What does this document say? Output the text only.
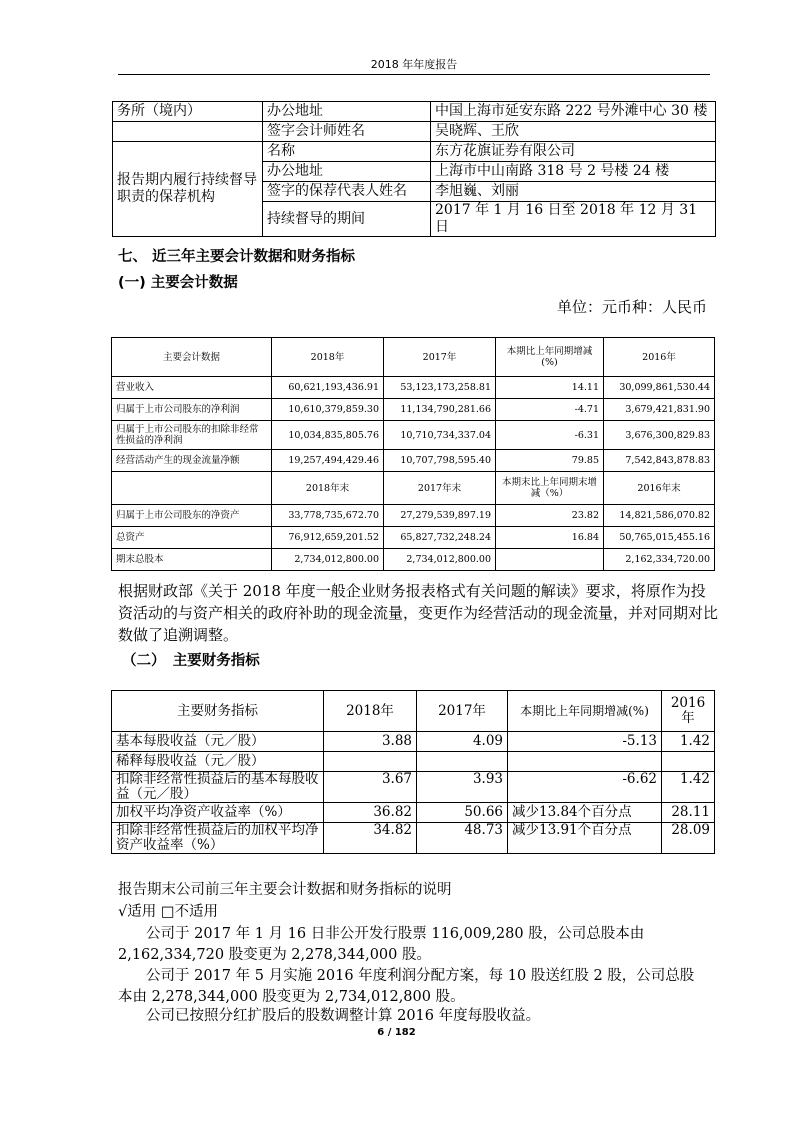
2018 年年度报告
务所（境内）	办公地址	中国上海市延安东路 222 号外滩中心 30 楼
	签字会计师姓名	吴晓辉、王欣
报告期内履行持续督导职责的保荐机构	名称	东方花旗证券有限公司
	办公地址	上海市中山南路 318 号 2 号楼 24 楼
	签字的保荐代表人姓名	李旭巍、刘丽
	持续督导的期间	2017 年 1 月 16 日至 2018 年 12 月 31 日
七、 近三年主要会计数据和财务指标
(一) 主要会计数据
单位：元币种：人民币
主要会计数据	2018年	2017年	本期比上年同期增减(%)	2016年
营业收入	60,621,193,436.91	53,123,173,258.81	14.11	30,099,861,530.44
归属于上市公司股东的净利润	10,610,379,859.30	11,134,790,281.66	-4.71	3,679,421,831.90
归属于上市公司股东的扣除非经常性损益的净利润	10,034,835,805.76	10,710,734,337.04	-6.31	3,676,300,829.83
经营活动产生的现金流量净额	19,257,494,429.46	10,707,798,595.40	79.85	7,542,843,878.83
	2018年末	2017年末	本期末比上年同期末增减（%）	2016年末
归属于上市公司股东的净资产	33,778,735,672.70	27,279,539,897.19	23.82	14,821,586,070.82
总资产	76,912,659,201.52	65,827,732,248.24	16.84	50,765,015,455.16
期末总股本	2,734,012,800.00	2,734,012,800.00		2,162,334,720.00
根据财政部《关于 2018 年度一般企业财务报表格式有关问题的解读》要求，将原作为投资活动的与资产相关的政府补助的现金流量，变更作为经营活动的现金流量，并对同期对比数做了追溯调整。
（二）　主要财务指标
主要财务指标	2018年	2017年	本期比上年同期增减(%)	2016年
基本每股收益（元／股）	3.88	4.09	-5.13	1.42
稀释每股收益（元／股）				
扣除非经常性损益后的基本每股收益（元／股）	3.67	3.93	-6.62	1.42
加权平均净资产收益率（%）	36.82	50.66	减少13.84个百分点	28.11
扣除非经常性损益后的加权平均净资产收益率（%）	34.82	48.73	减少13.91个百分点	28.09
报告期末公司前三年主要会计数据和财务指标的说明
√适用 □不适用
公司于 2017 年 1 月 16 日非公开发行股票 116,009,280 股，公司总股本由
2,162,334,720 股变更为 2,278,344,000 股。
公司于 2017 年 5 月实施 2016 年度利润分配方案，每 10 股送红股 2 股，公司总股
本由 2,278,344,000 股变更为 2,734,012,800 股。
公司已按照分红扩股后的股数调整计算 2016 年度每股收益。
6 / 182
